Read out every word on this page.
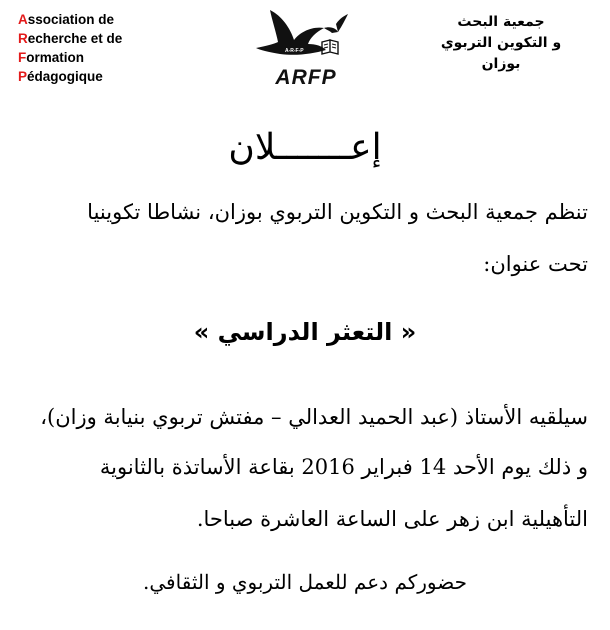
Association de
Recherche et de
Formation
Pédagogique
A-R-F-P
ARFP
جمعية البحث
و التكوين التربوي
بوزان
إعـــــــلان
تنظم جمعية البحث و التكوين التربوي بوزان، نشاطا تكوينيا
تحت عنوان:
« التعثر الدراسي »
سيلقيه الأستاذ (عبد الحميد العدالي – مفتش تربوي بنيابة وزان)،
و ذلك يوم الأحد 14 فبراير 2016 بقاعة الأساتذة بالثانوية
التأهيلية ابن زهر على الساعة العاشرة صباحا.
حضوركم دعم للعمل التربوي و الثقافي.
